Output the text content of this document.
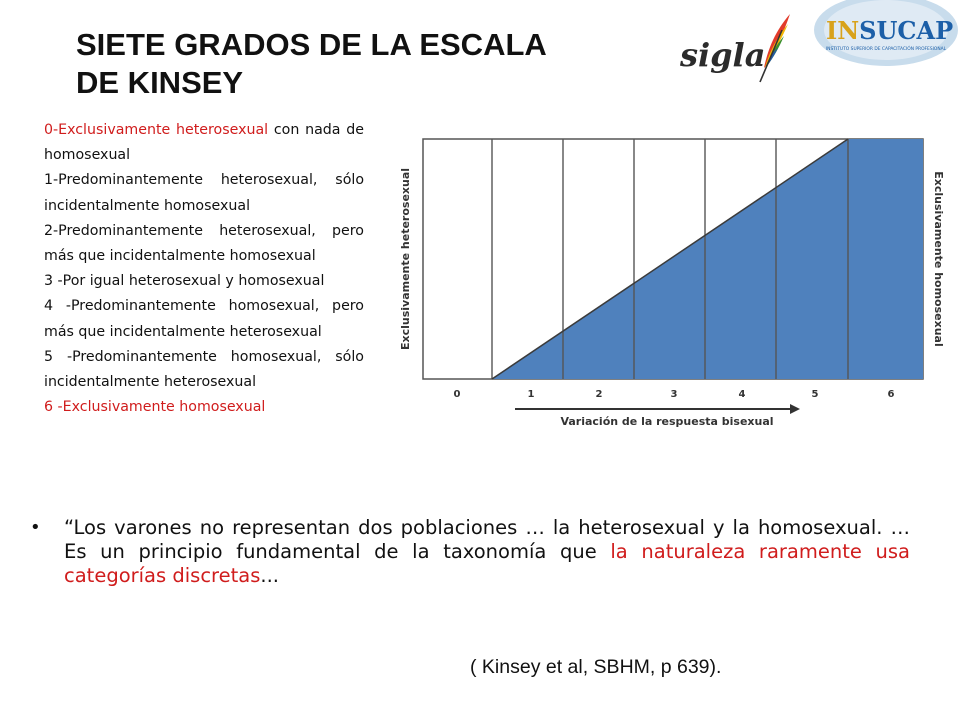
SIETE GRADOS DE LA ESCALA
DE KINSEY
sigla
INSUCAP
INSTITUTO SUPERIOR DE CAPACITACIÓN PROFESIONAL
0-Exclusivamente heterosexual con nada de homosexual
1-Predominantemente heterosexual, sólo incidentalmente homosexual
2-Predominantemente heterosexual, pero más que incidentalmente homosexual
3 -Por igual heterosexual y homosexual
4 -Predominantemente homosexual, pero más que incidentalmente heterosexual
5 -Predominantemente homosexual, sólo incidentalmente heterosexual
6 -Exclusivamente homosexual
Exclusivamente heterosexual	Exclusivamente homosexual
0	1	2	3	4	5	6
Variación de la respuesta bisexual
• “Los varones no representan dos poblaciones … la heterosexual y la homosexual. … Es un principio fundamental de la taxonomía que la naturaleza raramente usa categorías discretas...
( Kinsey et al, SBHM, p 639).
